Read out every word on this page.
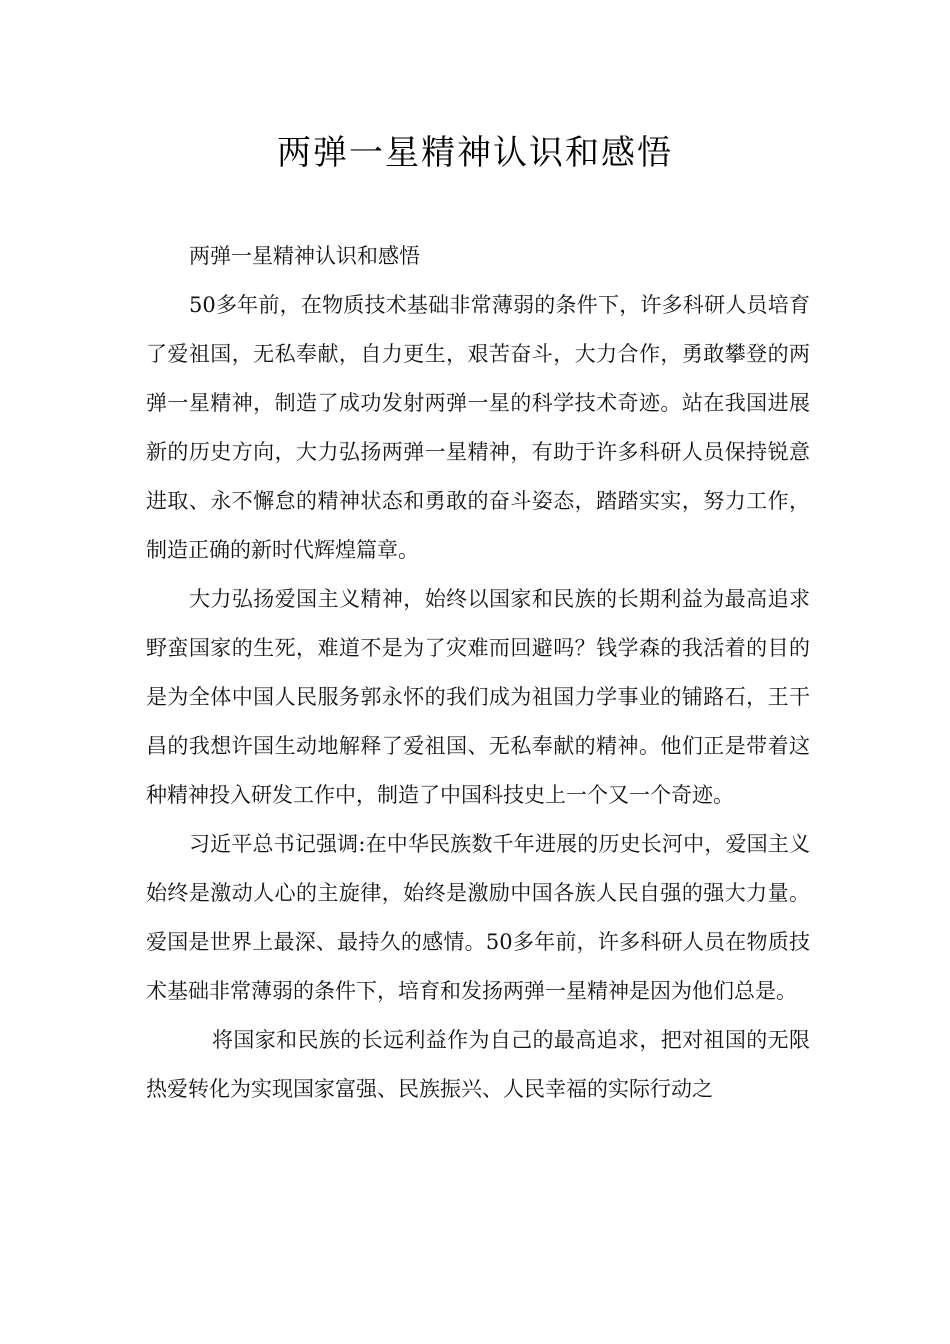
两弹一星精神认识和感悟

两弹一星精神认识和感悟

50多年前，在物质技术基础非常薄弱的条件下，许多科研人员培育了爱祖国，无私奉献，自力更生，艰苦奋斗，大力合作，勇敢攀登的两弹一星精神，制造了成功发射两弹一星的科学技术奇迹。站在我国进展新的历史方向，大力弘扬两弹一星精神，有助于许多科研人员保持锐意进取、永不懈怠的精神状态和勇敢的奋斗姿态，踏踏实实，努力工作，制造正确的新时代辉煌篇章。

大力弘扬爱国主义精神，始终以国家和民族的长期利益为最高追求野蛮国家的生死，难道不是为了灾难而回避吗？钱学森的我活着的目的是为全体中国人民服务郭永怀的我们成为祖国力学事业的铺路石，王干昌的我想许国生动地解释了爱祖国、无私奉献的精神。他们正是带着这种精神投入研发工作中，制造了中国科技史上一个又一个奇迹。

习近平总书记强调:在中华民族数千年进展的历史长河中，爱国主义始终是激动人心的主旋律，始终是激励中国各族人民自强的强大力量。爱国是世界上最深、最持久的感情。50多年前，许多科研人员在物质技术基础非常薄弱的条件下，培育和发扬两弹一星精神是因为他们总是。

将国家和民族的长远利益作为自己的最高追求，把对祖国的无限热爱转化为实现国家富强、民族振兴、人民幸福的实际行动之
